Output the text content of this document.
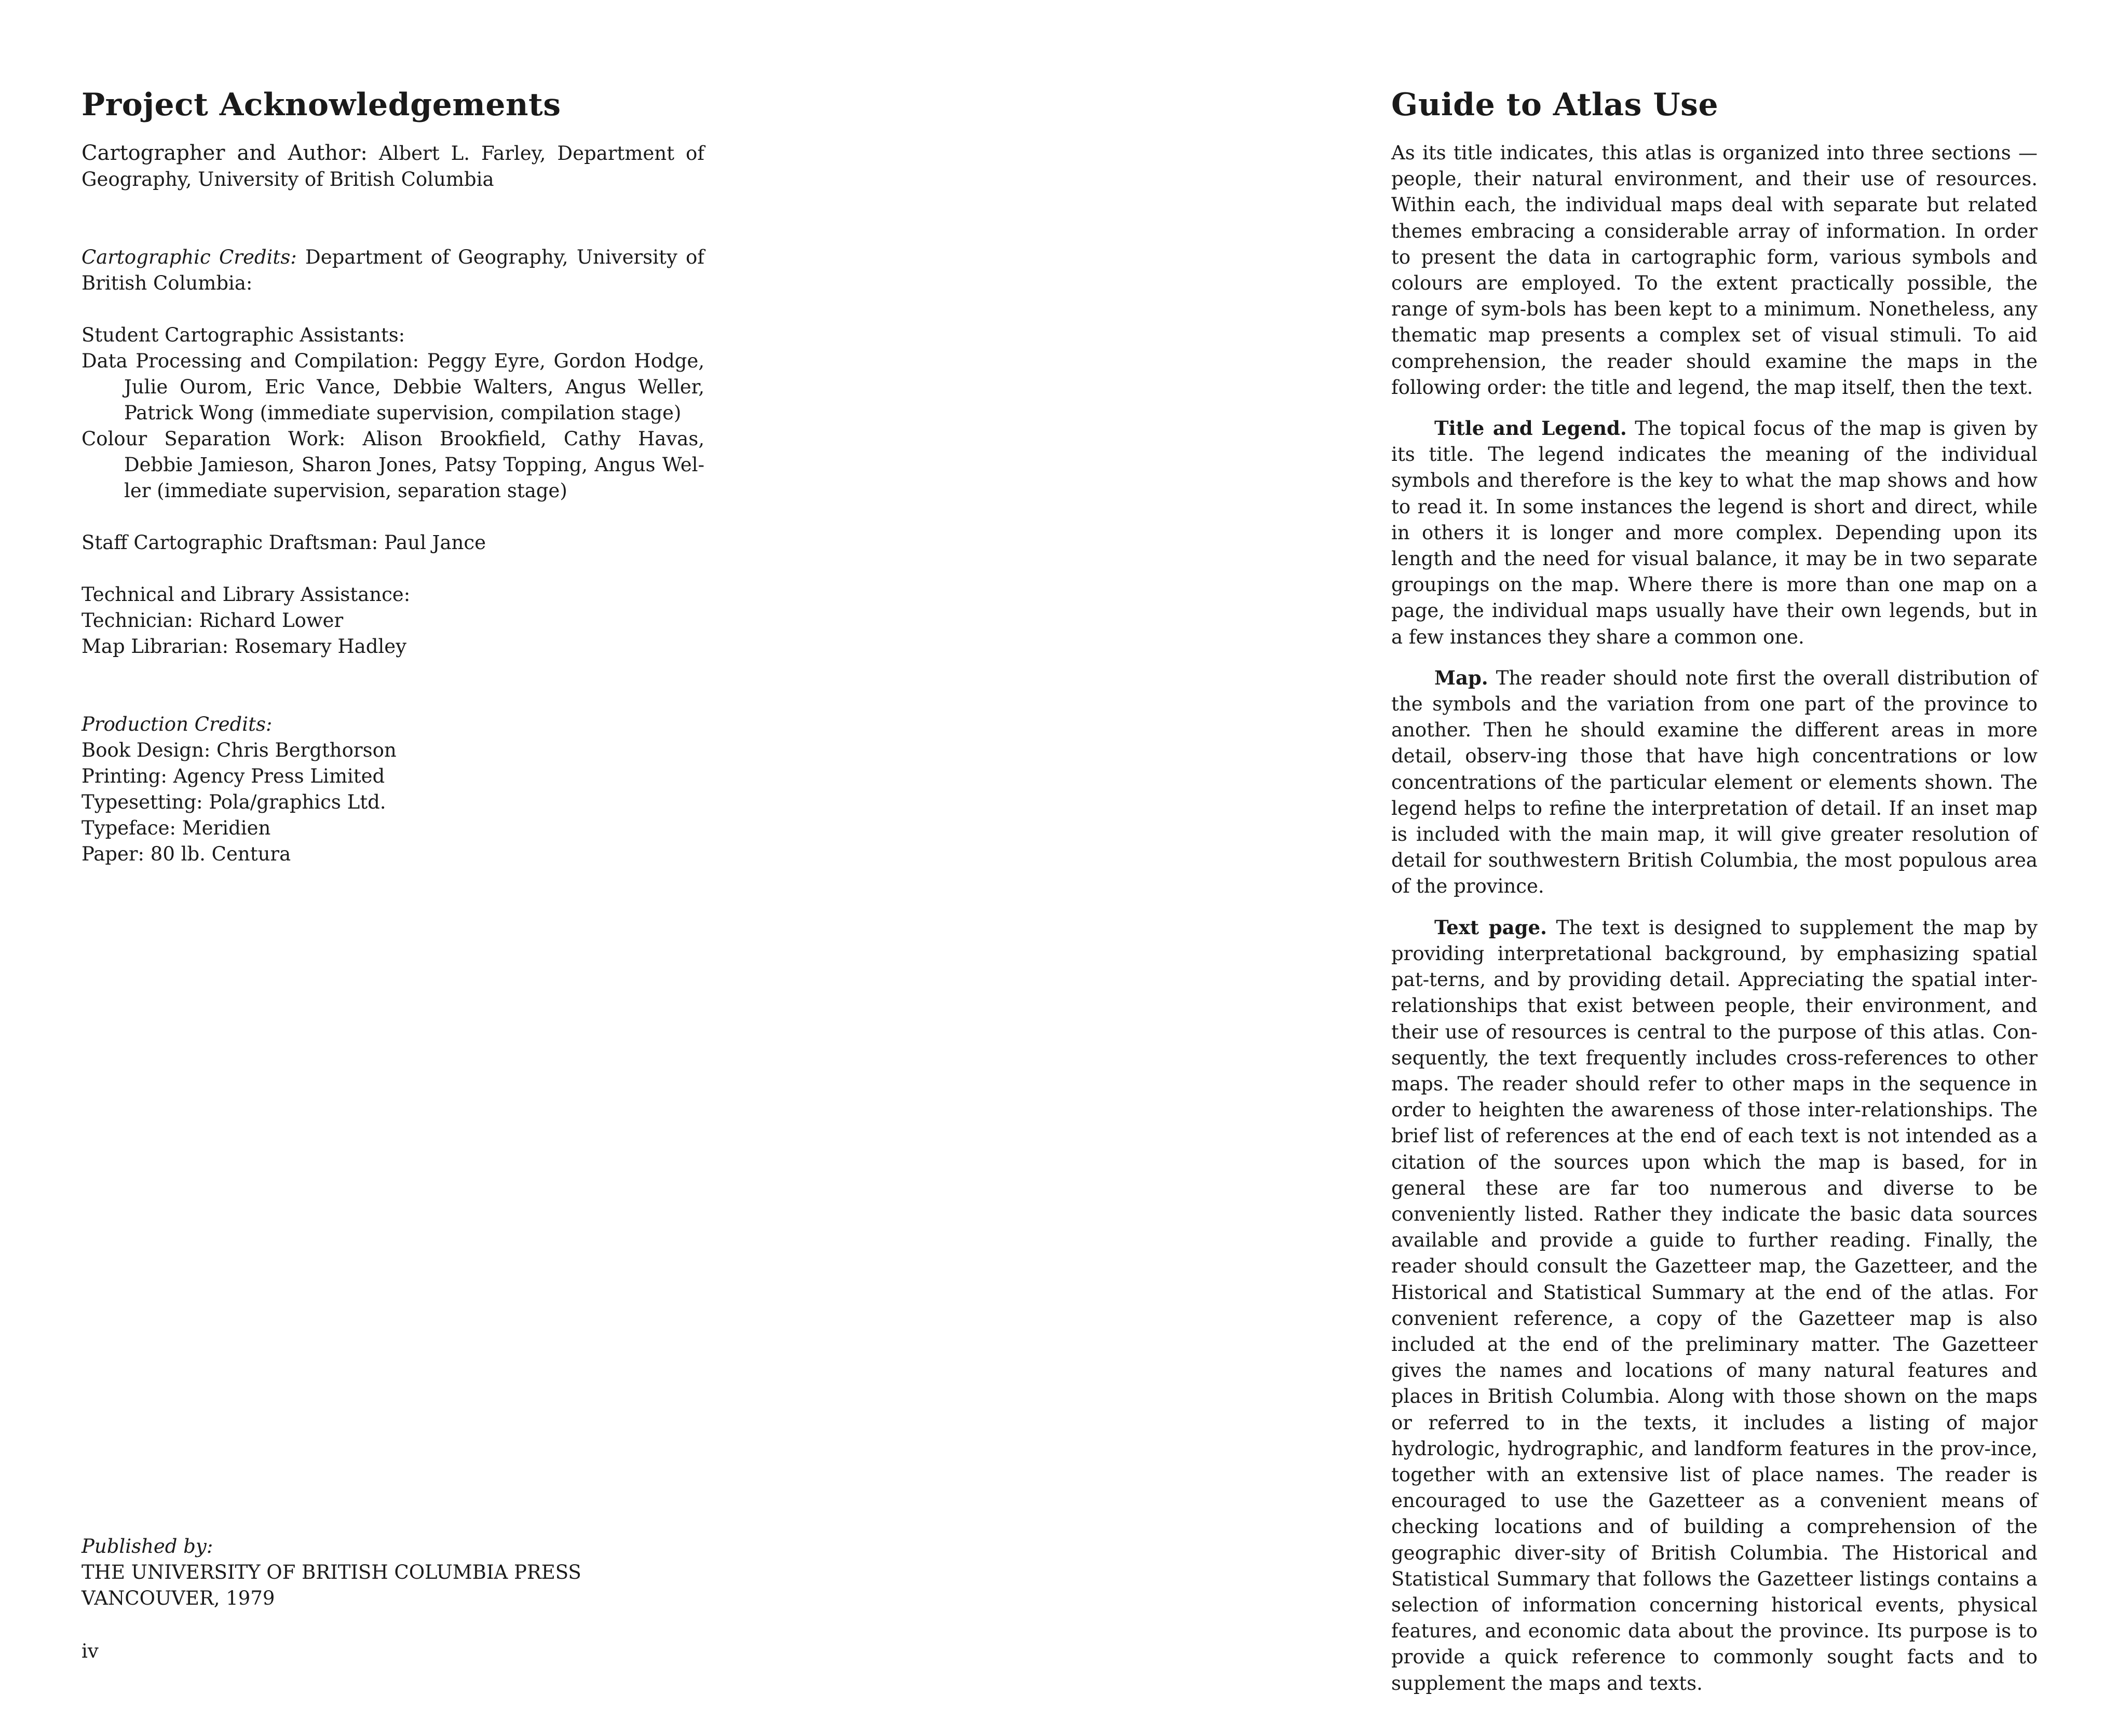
Project Acknowledgements

Cartographer and Author: Albert L. Farley, Department of Geography, University of British Columbia

Cartographic Credits: Department of Geography, University of British Columbia:

Student Cartographic Assistants:

Data Processing and Compilation: Peggy Eyre, Gordon Hodge, Julie Ourom, Eric Vance, Debbie Walters, Angus Weller, Patrick Wong (immediate supervision, compilation stage)

Colour Separation Work: Alison Brookfield, Cathy Havas, Debbie Jamieson, Sharon Jones, Patsy Topping, Angus Wel-ler (immediate supervision, separation stage)

Staff Cartographic Draftsman: Paul Jance

Technical and Library Assistance:

Technician: Richard Lower

Map Librarian: Rosemary Hadley

Production Credits:

Book Design: Chris Bergthorson

Printing: Agency Press Limited

Typesetting: Pola/graphics Ltd.

Typeface: Meridien

Paper: 80 lb. Centura

Published by:

THE UNIVERSITY OF BRITISH COLUMBIA PRESS

VANCOUVER, 1979

iv
Guide to Atlas Use

As its title indicates, this atlas is organized into three sections — people, their natural environment, and their use of resources. Within each, the individual maps deal with separate but related themes embracing a considerable array of information. In order to present the data in cartographic form, various symbols and colours are employed. To the extent practically possible, the range of sym-bols has been kept to a minimum. Nonetheless, any thematic map presents a complex set of visual stimuli. To aid comprehension, the reader should examine the maps in the following order: the title and legend, the map itself, then the text.

Title and Legend. The topical focus of the map is given by its title. The legend indicates the meaning of the individual symbols and therefore is the key to what the map shows and how to read it. In some instances the legend is short and direct, while in others it is longer and more complex. Depending upon its length and the need for visual balance, it may be in two separate groupings on the map. Where there is more than one map on a page, the individual maps usually have their own legends, but in a few instances they share a common one.

Map. The reader should note first the overall distribution of the symbols and the variation from one part of the province to another. Then he should examine the different areas in more detail, observ-ing those that have high concentrations or low concentrations of the particular element or elements shown. The legend helps to refine the interpretation of detail. If an inset map is included with the main map, it will give greater resolution of detail for southwestern British Columbia, the most populous area of the province.

Text page. The text is designed to supplement the map by providing interpretational background, by emphasizing spatial pat-terns, and by providing detail. Appreciating the spatial inter-relationships that exist between people, their environment, and their use of resources is central to the purpose of this atlas. Con-sequently, the text frequently includes cross-references to other maps. The reader should refer to other maps in the sequence in order to heighten the awareness of those inter-relationships. The brief list of references at the end of each text is not intended as a citation of the sources upon which the map is based, for in general these are far too numerous and diverse to be conveniently listed. Rather they indicate the basic data sources available and provide a guide to further reading. Finally, the reader should consult the Gazetteer map, the Gazetteer, and the Historical and Statistical Summary at the end of the atlas. For convenient reference, a copy of the Gazetteer map is also included at the end of the preliminary matter. The Gazetteer gives the names and locations of many natural features and places in British Columbia. Along with those shown on the maps or referred to in the texts, it includes a listing of major hydrologic, hydrographic, and landform features in the prov-ince, together with an extensive list of place names. The reader is encouraged to use the Gazetteer as a convenient means of checking locations and of building a comprehension of the geographic diver-sity of British Columbia. The Historical and Statistical Summary that follows the Gazetteer listings contains a selection of information concerning historical events, physical features, and economic data about the province. Its purpose is to provide a quick reference to commonly sought facts and to supplement the maps and texts.
